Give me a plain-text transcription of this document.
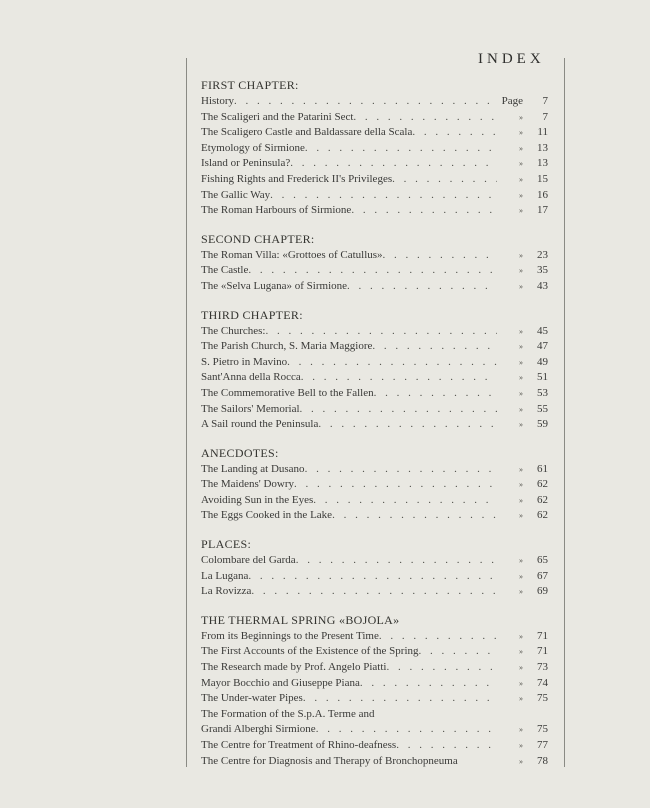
INDEX
FIRST CHAPTER:
History . . .	Page	7
The Scaligeri and the Patarini Sect . . .	»	7
The Scaligero Castle and Baldassare della Scala . . .	»	11
Etymology of Sirmione . . .	»	13
Island or Peninsula? . . .	»	13
Fishing Rights and Frederick II's Privileges . . .	»	15
The Gallic Way . . .	»	16
The Roman Harbours of Sirmione . . .	»	17
SECOND CHAPTER:
The Roman Villa: «Grottoes of Catullus» . . .	»	23
The Castle . . .	»	35
The «Selva Lugana» of Sirmione . . .	»	43
THIRD CHAPTER:
The Churches: . . .	»	45
The Parish Church, S. Maria Maggiore . . .	»	47
S. Pietro in Mavino . . .	»	49
Sant'Anna della Rocca . . .	»	51
The Commemorative Bell to the Fallen . . .	»	53
The Sailors' Memorial . . .	»	55
A Sail round the Peninsula . . .	»	59
ANECDOTES:
The Landing at Dusano . . .	»	61
The Maidens' Dowry . . .	»	62
Avoiding Sun in the Eyes . . .	»	62
The Eggs Cooked in the Lake . . .	»	62
PLACES:
Colombare del Garda . . .	»	65
La Lugana . . .	»	67
La Rovizza . . .	»	69
THE THERMAL SPRING «BOJOLA»
From its Beginnings to the Present Time . . .	»	71
The First Accounts of the Existence of the Spring . . .	»	71
The Research made by Prof. Angelo Piatti . . .	»	73
Mayor Bocchio and Giuseppe Piana . . .	»	74
The Under-water Pipes . . .	»	75
The Formation of the S.p.A. Terme and
Grandi Alberghi Sirmione . . .	»	75
The Centre for Treatment of Rhino-deafness . . .	»	77
The Centre for Diagnosis and Therapy of Bronchopneuma	»	78
